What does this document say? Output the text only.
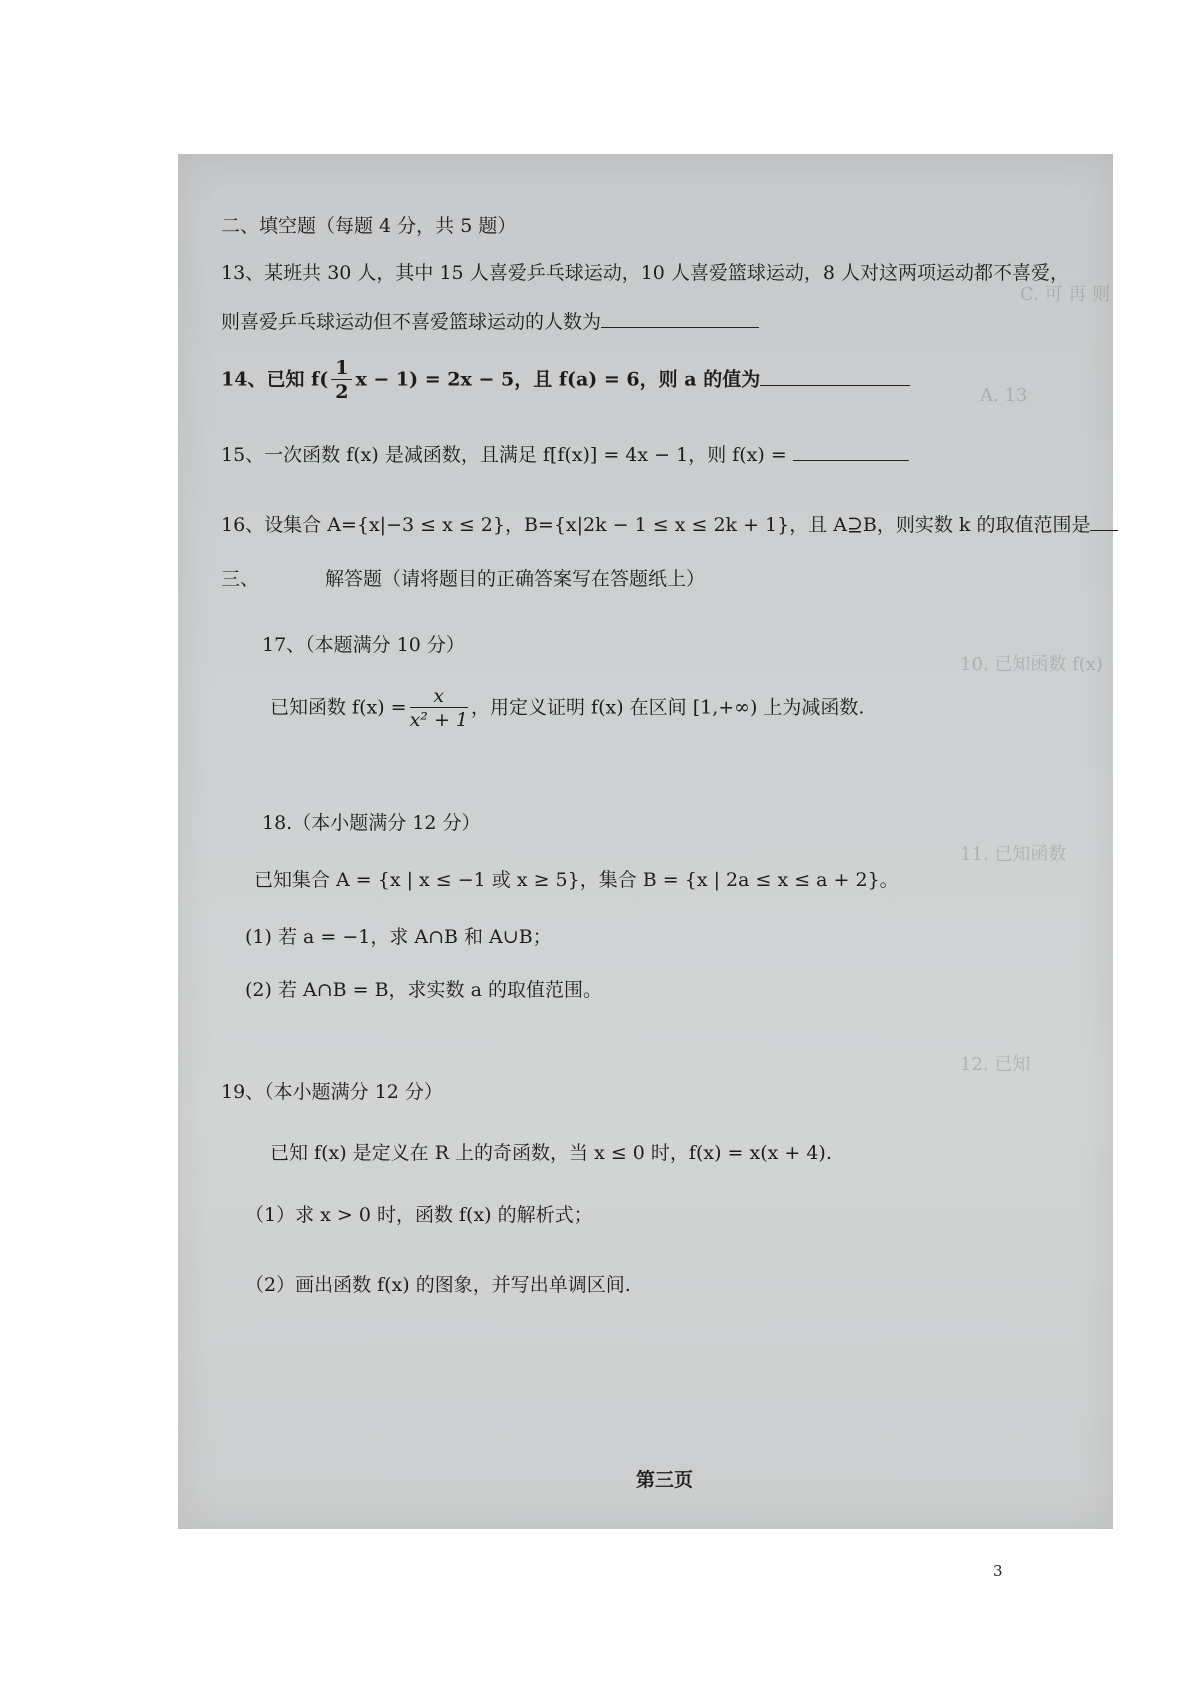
C. 可 再 则
A. 13
10. 已知函数 f(x)
11. 已知函数
12. 已知
二、填空题（每题 4 分，共 5 题）
13、某班共 30 人，其中 15 人喜爱乒乓球运动，10 人喜爱篮球运动，8 人对这两项运动都不喜爱，
则喜爱乒乓球运动但不喜爱篮球运动的人数为
14、已知 $f( \frac{1}{2}$ x − 1) = 2x − 5，且 f(a) = 6，则 a 的值为
15、一次函数 f(x) 是减函数，且满足 f[f(x)] = 4x − 1，则 f(x) =
16、设集合 A={x|−3 ≤ x ≤ 2}，B={x|2k − 1 ≤ x ≤ 2k + 1}，且 A⊇B，则实数 k 的取值范围是
三、	解答题（请将题目的正确答案写在答题纸上）
17、（本题满分 10 分）
已知函数 $f(x) = \frac{x}{\text{x² + 1}}$ ，用定义证明 f(x) 在区间 [1,+∞) 上为减函数.
18.（本小题满分 12 分）
已知集合 A = {x | x ≤ −1 或 x ≥ 5}，集合 B = {x | 2a ≤ x ≤ a + 2}。
(1) 若 a = −1，求 A∩B 和 A∪B；
(2) 若 A∩B = B，求实数 a 的取值范围。
19、（本小题满分 12 分）
已知 f(x) 是定义在 R 上的奇函数，当 x ≤ 0 时，f(x) = x(x + 4).
（1）求 x > 0 时，函数 f(x) 的解析式；
（2）画出函数 f(x) 的图象，并写出单调区间.
第三页
3
